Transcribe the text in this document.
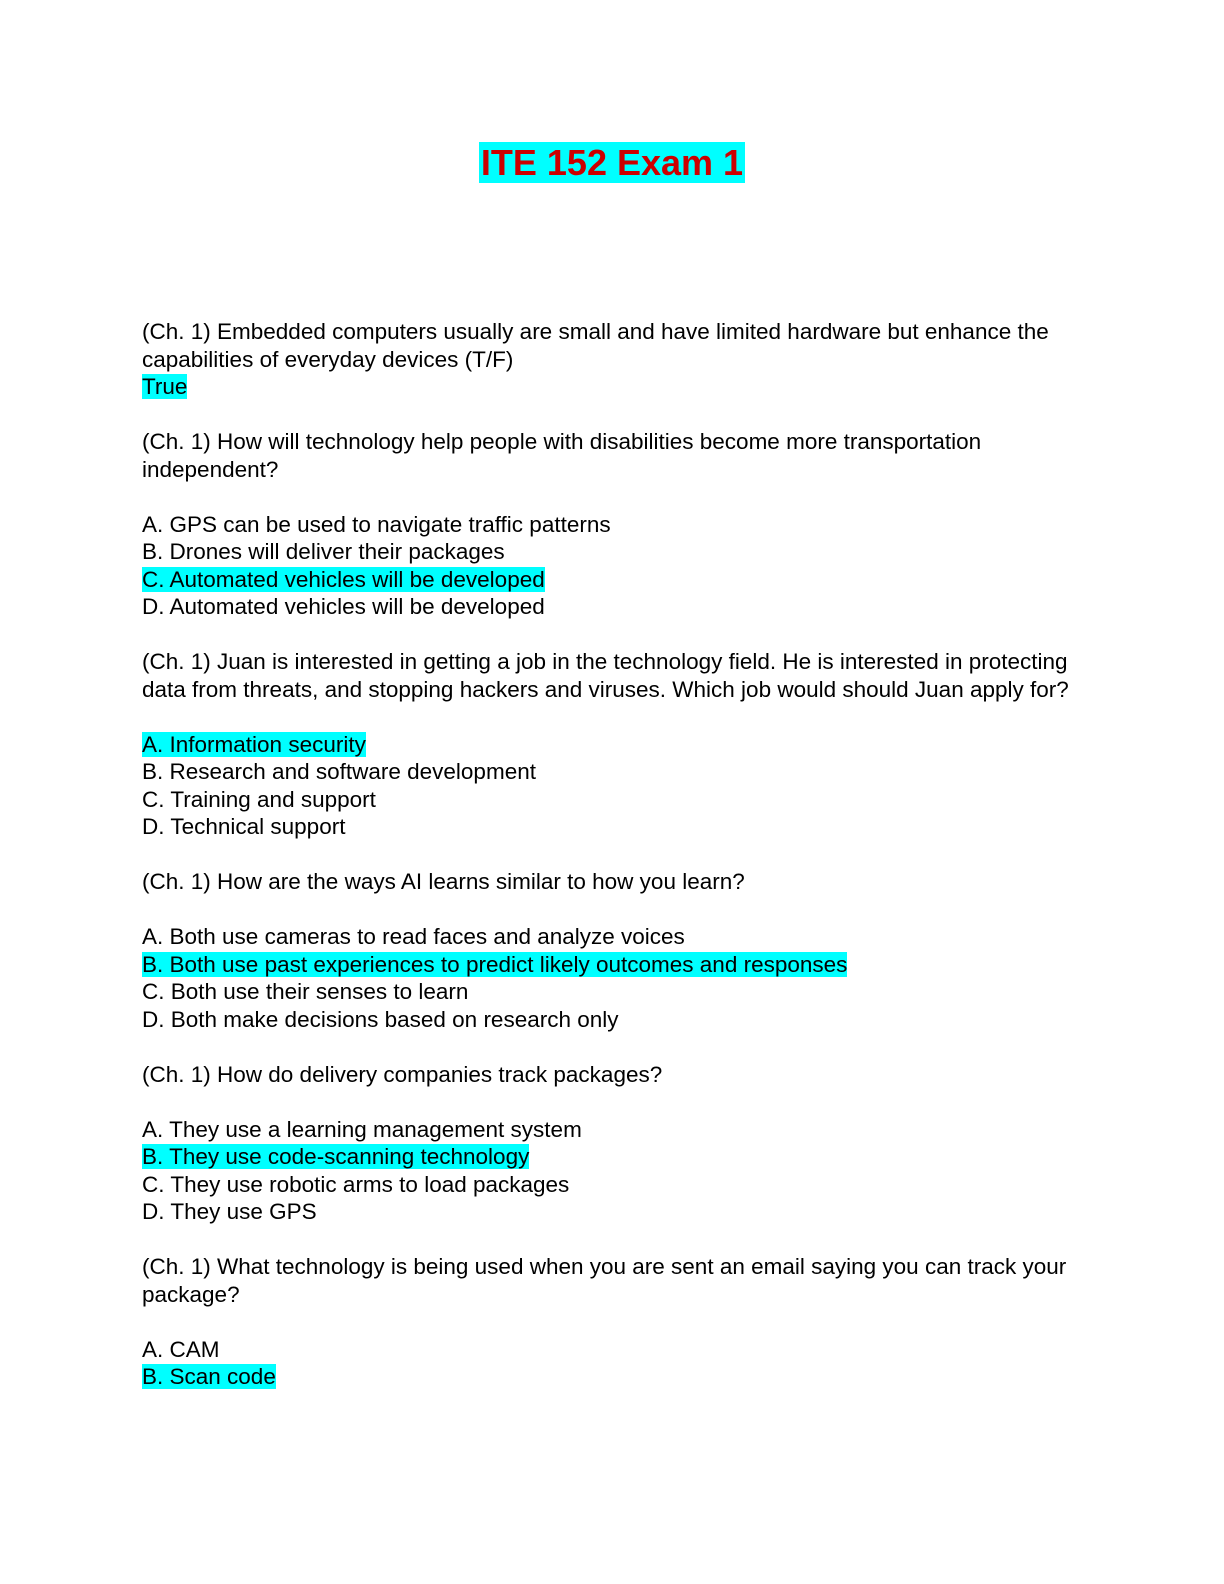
ITE 152 Exam 1
(Ch. 1) Embedded computers usually are small and have limited hardware but enhance the capabilities of everyday devices (T/F)
True
(Ch. 1) How will technology help people with disabilities become more transportation independent?
A. GPS can be used to navigate traffic patterns
B. Drones will deliver their packages
C. Automated vehicles will be developed
D. Automated vehicles will be developed
(Ch. 1) Juan is interested in getting a job in the technology field. He is interested in protecting data from threats, and stopping hackers and viruses. Which job would should Juan apply for?
A. Information security
B. Research and software development
C. Training and support
D. Technical support
(Ch. 1) How are the ways AI learns similar to how you learn?
A. Both use cameras to read faces and analyze voices
B. Both use past experiences to predict likely outcomes and responses
C. Both use their senses to learn
D. Both make decisions based on research only
(Ch. 1) How do delivery companies track packages?
A. They use a learning management system
B. They use code-scanning technology
C. They use robotic arms to load packages
D. They use GPS
(Ch. 1) What technology is being used when you are sent an email saying you can track your package?
A. CAM
B. Scan code
